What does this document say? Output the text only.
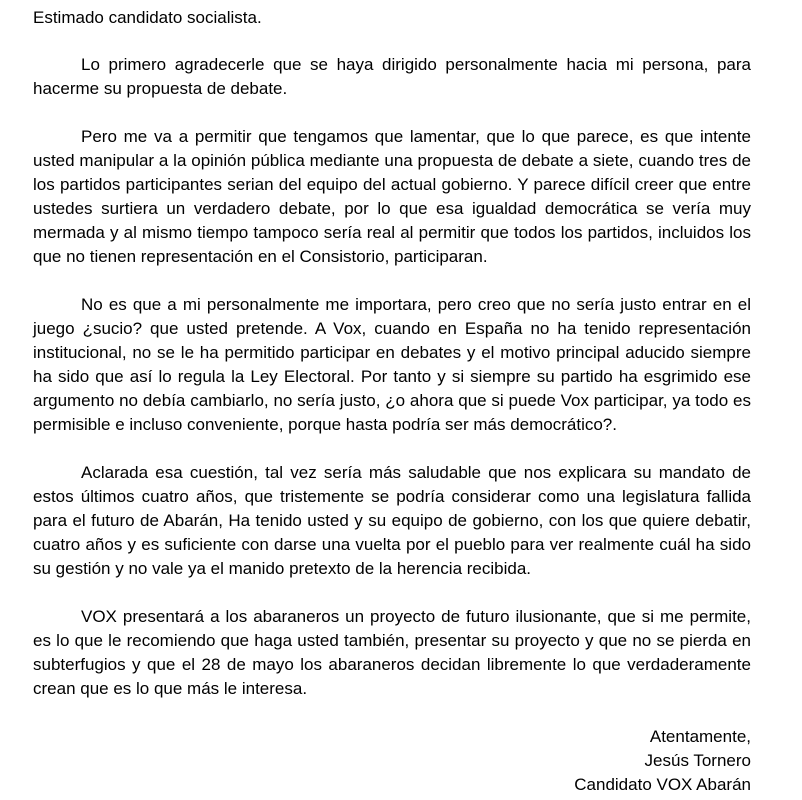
Estimado candidato socialista.

Lo primero agradecerle que se haya dirigido personalmente hacia mi persona, para hacerme su propuesta de debate.

Pero me va a permitir que tengamos que lamentar, que lo que parece, es que intente usted manipular a la opinión pública mediante una propuesta de debate a siete, cuando tres de los partidos participantes serian del equipo del actual gobierno. Y parece difícil creer que entre ustedes surtiera un verdadero debate, por lo que esa igualdad democrática se vería muy mermada y al mismo tiempo tampoco sería real al permitir que todos los partidos, incluidos los que no tienen representación en el Consistorio, participaran.

No es que a mi personalmente me importara, pero creo que no sería justo entrar en el juego ¿sucio? que usted pretende. A Vox, cuando en España no ha tenido representación institucional, no se le ha permitido participar en debates y el motivo principal aducido siempre ha sido que así lo regula la Ley Electoral. Por tanto y si siempre su partido ha esgrimido ese argumento no debía cambiarlo, no sería justo, ¿o ahora que si puede Vox participar, ya todo es permisible e incluso conveniente, porque hasta podría ser más democrático?.

Aclarada esa cuestión, tal vez sería más saludable que nos explicara su mandato de estos últimos cuatro años, que tristemente se podría considerar como una legislatura fallida para el futuro de Abarán, Ha tenido usted y su equipo de gobierno, con los que quiere debatir, cuatro años y es suficiente con darse una vuelta por el pueblo para ver realmente cuál ha sido su gestión y no vale ya el manido pretexto de la herencia recibida.

VOX presentará a los abaraneros un proyecto de futuro ilusionante, que si me permite, es lo que le recomiendo que haga usted también, presentar su proyecto y que no se pierda en subterfugios y que el 28 de mayo los abaraneros decidan libremente lo que verdaderamente crean que es lo que más le interesa.

Atentamente,
Jesús Tornero
Candidato VOX Abarán
